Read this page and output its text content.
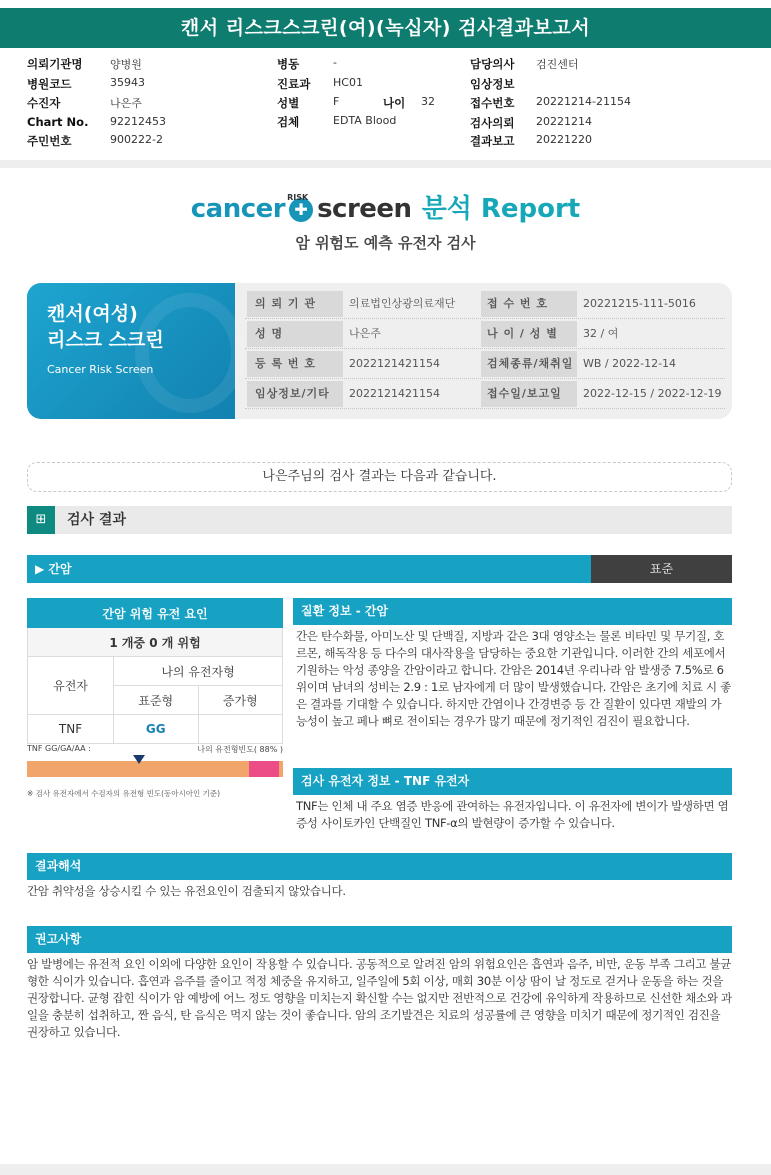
캔서 리스크스크린(여)(녹십자) 검사결과보고서
의뢰기관명 양병원
병원코드	35943
수진자	나은주
Chart No. 92212453
주민번호	900222-2
병동	-
진료과 HC01
성별	F	나이 32
검체	EDTA Blood
담당의사 검진센터
임상정보
접수번호 20221214-21154
검사의뢰 20221214
결과보고 20221220
cancer ✚
RISK screen 분석 Report
암 위험도 예측 유전자 검사
캔서(여성)
리스크 스크린
Cancer Risk Screen
의 뢰 기 관	의료법인상광의료재단	접 수 번 호	20221215-111-5016
성 명	나은주	나 이 / 성 별	32 / 여
등 록 번 호	2022121421154	검체종류/채취일 WB / 2022-12-14
임상정보/기타	2022121421154	접수일/보고일	2022-12-15 / 2022-12-19
나은주님의 검사 결과는 다음과 같습니다.
⊞	검사 결과
▶ 간암	표준
간암 위험 유전 요인		
1 개중 0 개 위험		
유전자	나의 유전자형	
	표준형	증가형
TNF	GG	
TNF GG/GA/AA :	나의 유전형빈도( 88% )
※ 검사 유전자에서 수검자의 유전형 빈도(동아시아인 기준)
질환 정보 - 간암
간은 탄수화물, 아미노산 및 단백질, 지방과 같은 3대 영양소는 물론 비타민 및 무기질, 호르몬, 해독작용 등 다수의 대사작용을 담당하는 중요한 기관입니다. 이러한 간의 세포에서 기원하는 악성 종양을 간암이라고 합니다. 간암은 2014년 우리나라 암 발생중 7.5%로 6위이며 남녀의 성비는 2.9 : 1로 남자에게 더 많이 발생했습니다. 간암은 초기에 치료 시 좋은 결과를 기대할 수 있습니다. 하지만 간염이나 간경변증 등 간 질환이 있다면 재발의 가능성이 높고 페나 뼈로 전이되는 경우가 많기 때문에 정기적인 검진이 필요합니다.
검사 유전자 정보 - TNF 유전자
TNF는 인체 내 주요 염증 반응에 관여하는 유전자입니다. 이 유전자에 변이가 발생하면 염증성 사이토카인 단백질인 TNF-α의 발현량이 증가할 수 있습니다.
결과해석
간암 취약성을 상승시킬 수 있는 유전요인이 검출되지 않았습니다.
권고사항
암 발병에는 유전적 요인 이외에 다양한 요인이 작용할 수 있습니다. 공동적으로 알려진 암의 위험요인은 흡연과 음주, 비만, 운동 부족 그리고 불균형한 식이가 있습니다. 흡연과 음주를 줄이고 적정 체중을 유지하고, 일주일에 5회 이상, 매회 30분 이상 땀이 날 정도로 걷거나 운동을 하는 것을 권장합니다. 균형 잡힌 식이가 암 예방에 어느 정도 영향을 미치는지 확신할 수는 없지만 전반적으로 건강에 유익하게 작용하므로 신선한 채소와 과일을 충분히 섭취하고, 짠 음식, 탄 음식은 먹지 않는 것이 좋습니다. 암의 조기발견은 치료의 성공률에 큰 영향을 미치기 때문에 정기적인 검진을 권장하고 있습니다.
